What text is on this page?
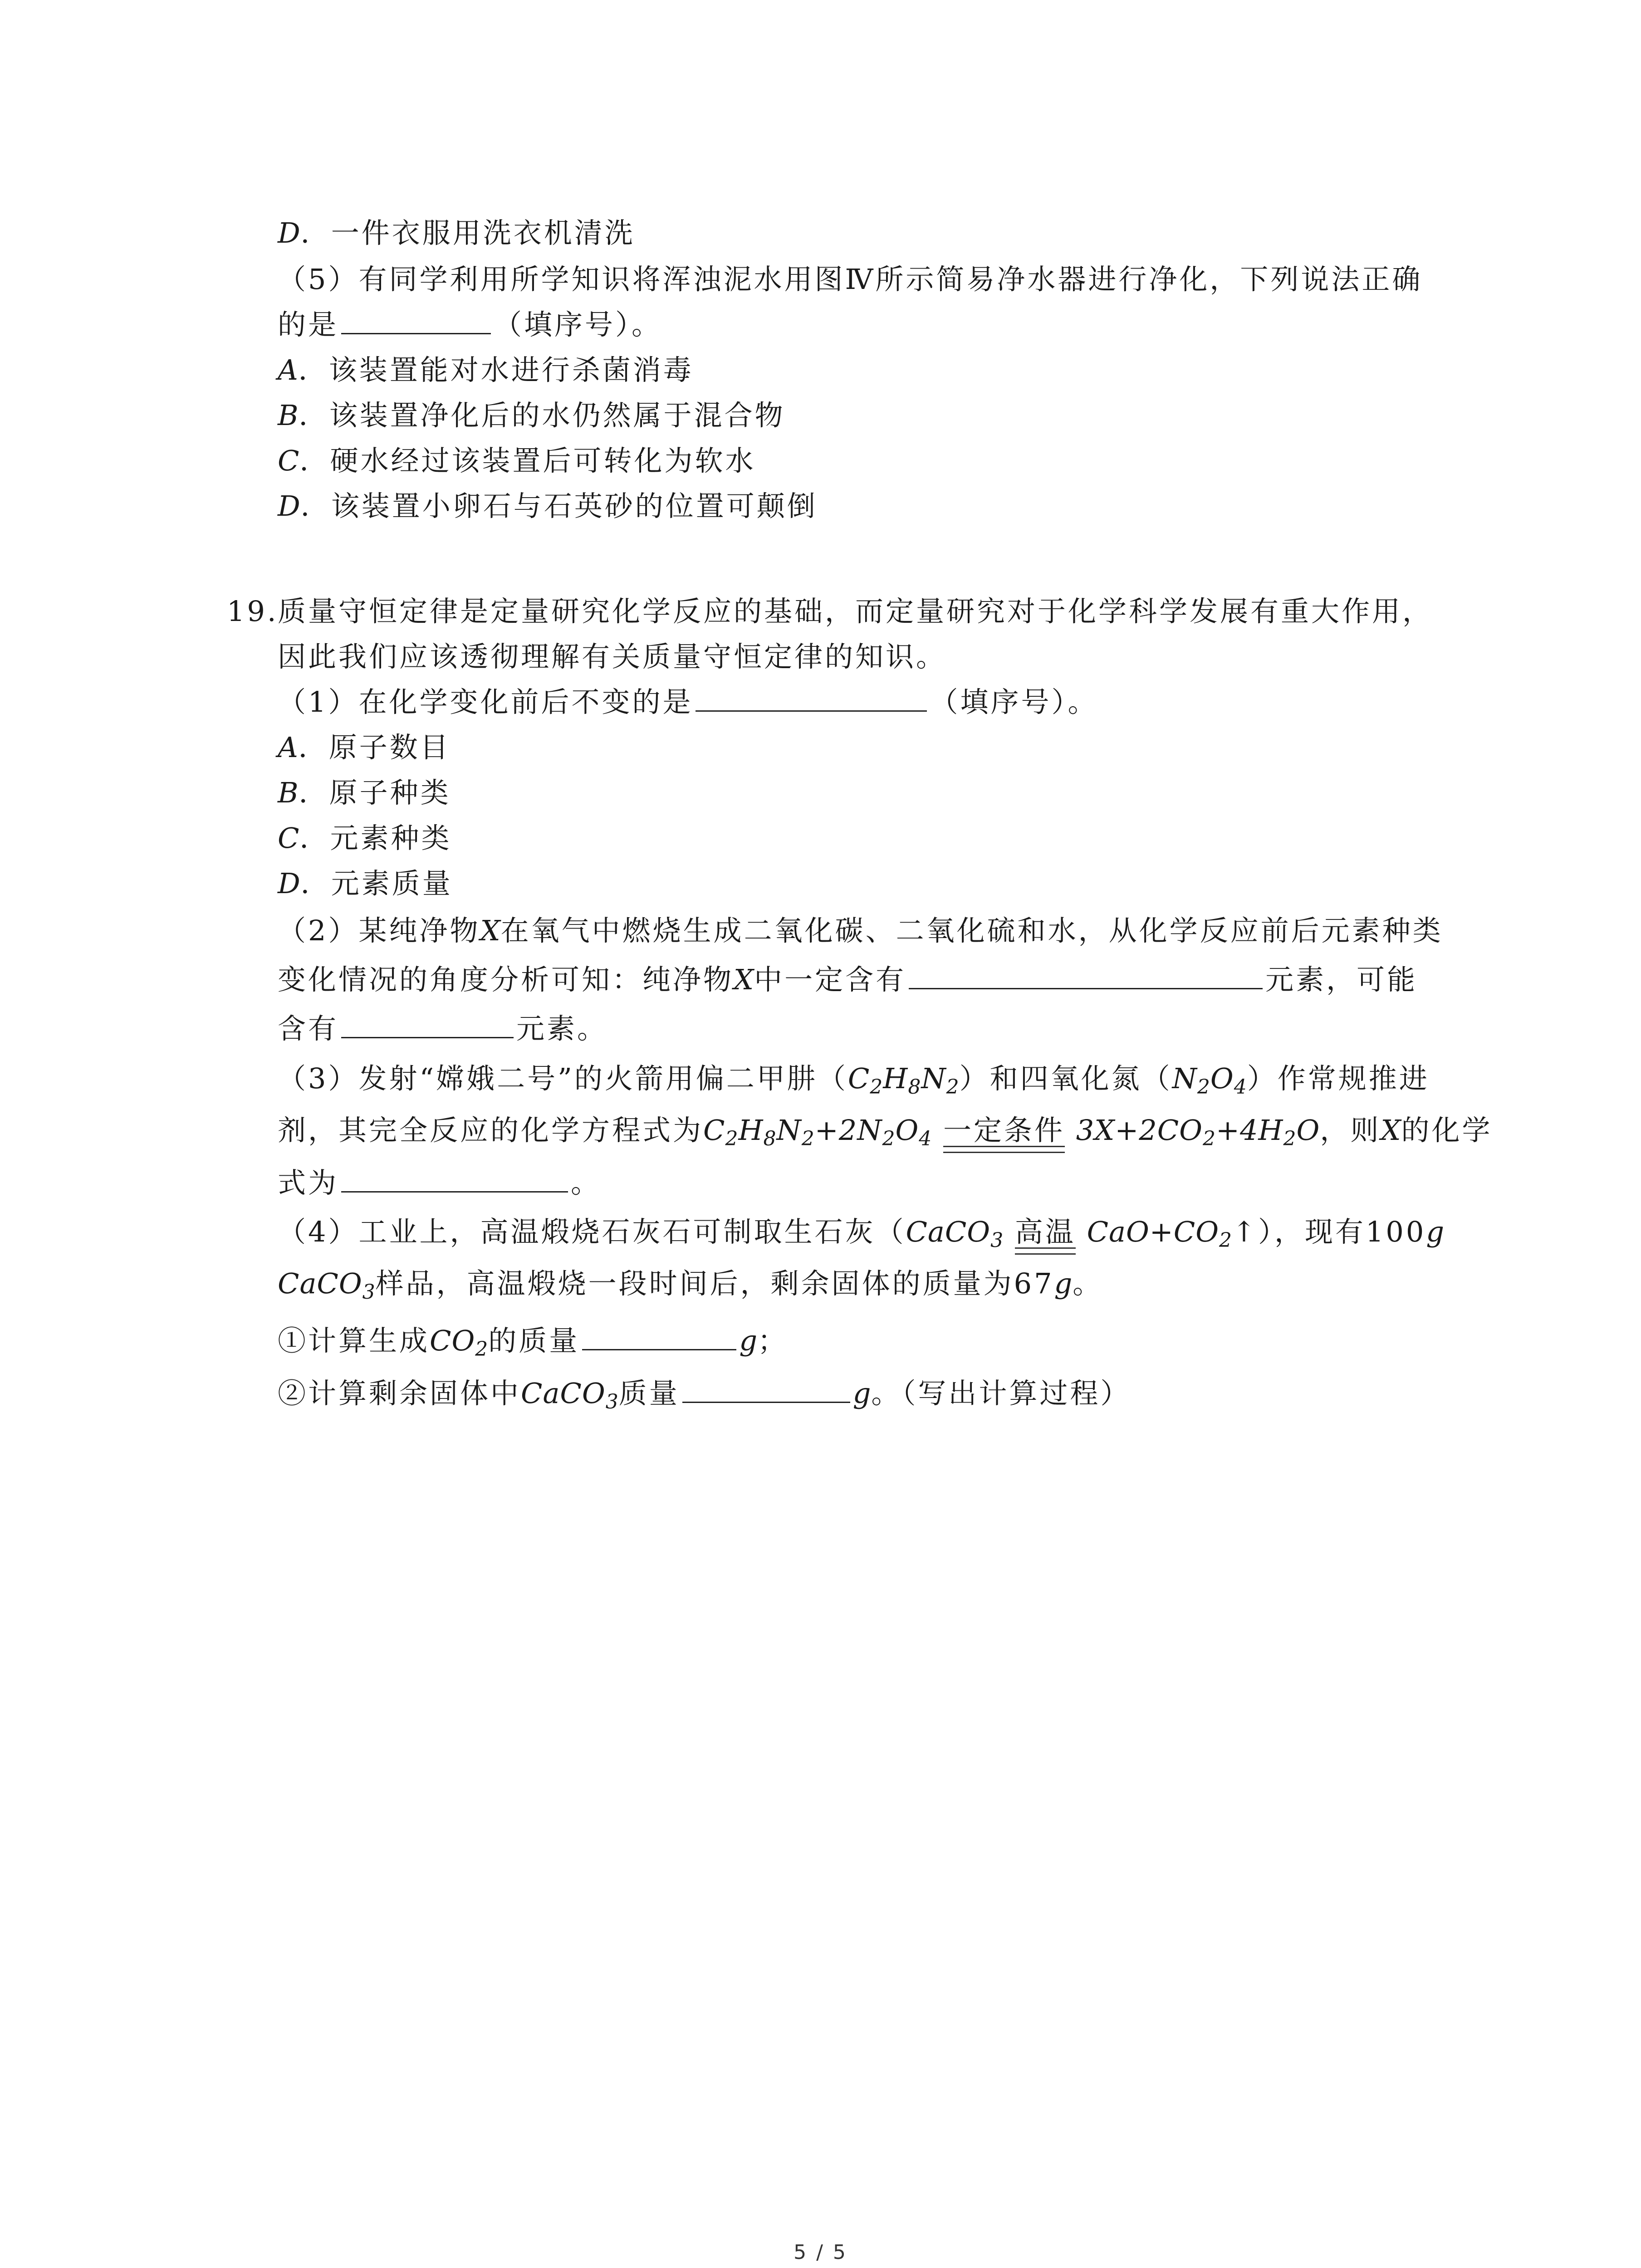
D．一件衣服用洗衣机清洗
（5）有同学利用所学知识将浑浊泥水用图Ⅳ所示简易净水器进行净化，下列说法正确
的是	（填序号）。
A．该装置能对水进行杀菌消毒
B．该装置净化后的水仍然属于混合物
C．硬水经过该装置后可转化为软水
D．该装置小卵石与石英砂的位置可颠倒
19.
质量守恒定律是定量研究化学反应的基础，而定量研究对于化学科学发展有重大作用，
因此我们应该透彻理解有关质量守恒定律的知识。
（1）在化学变化前后不变的是	（填序号）。
A．原子数目
B．原子种类
C．元素种类
D．元素质量
（2）某纯净物X在氧气中燃烧生成二氧化碳、二氧化硫和水，从化学反应前后元素种类
变化情况的角度分析可知：纯净物X中一定含有	元素，可能
含有	元素。
（3）发射“嫦娥二号”的火箭用偏二甲肼$(C_2H_8N_2)$和四氧化氮$(N_2O_4)$作常规推进
剂，其完全反应的化学方程式为$C_2H_8N_2+2N_2O_4$ 一定条件 $3X+2CO_2+4H_2O$，则X的化学
式为	。
（4）工业上，高温煅烧石灰石可制取生石灰（CaCO$_3$ 高温 $CaO+CO_2↑$），现有100g
CaCO$_3$样品，高温煅烧一段时间后，剩余固体的质量为67g。
①计算生成$CO_2$的质量	g；
②计算剩余固体中CaCO$_3$质量	g。（写出计算过程）
5 / 5
